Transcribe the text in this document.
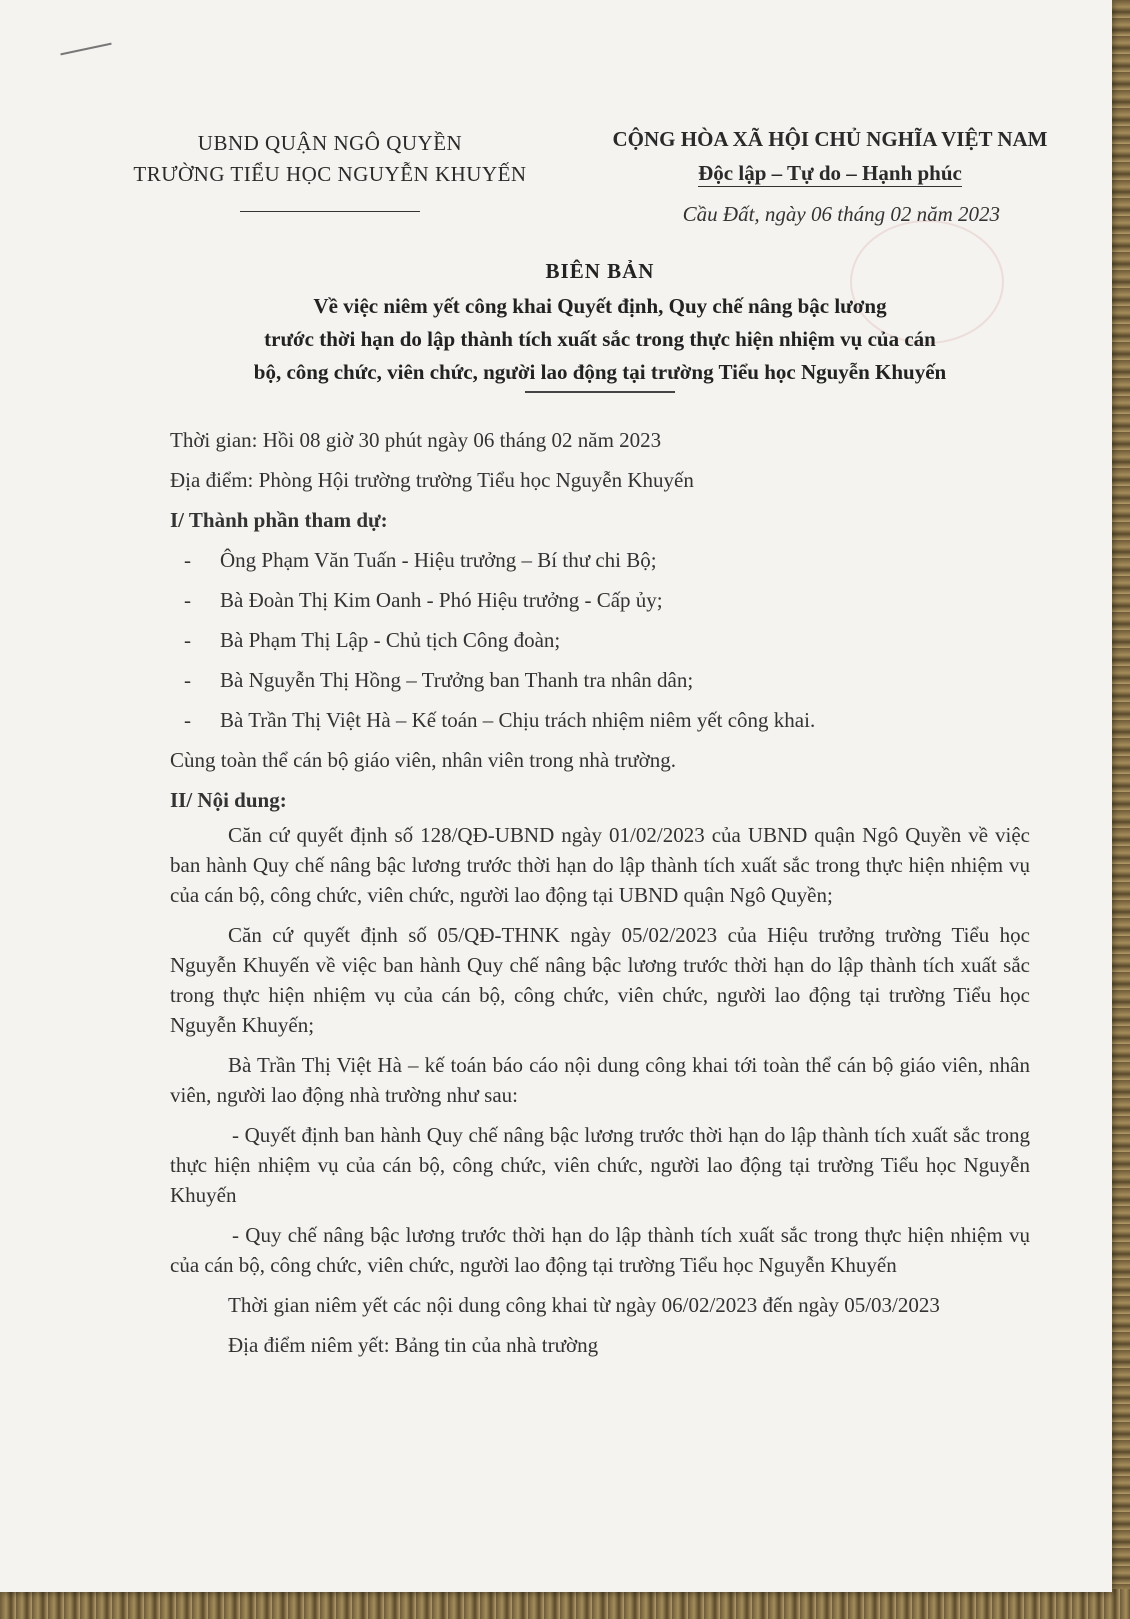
UBND QUẬN NGÔ QUYỀN
TRƯỜNG TIỂU HỌC NGUYỄN KHUYẾN
CỘNG HÒA XÃ HỘI CHỦ NGHĨA VIỆT NAM
Độc lập – Tự do – Hạnh phúc
Cầu Đất, ngày 06 tháng 02 năm 2023
BIÊN BẢN
Về việc niêm yết công khai Quyết định, Quy chế nâng bậc lương
trước thời hạn do lập thành tích xuất sắc trong thực hiện nhiệm vụ của cán
bộ, công chức, viên chức, người lao động tại trường Tiểu học Nguyễn Khuyến
Thời gian: Hồi 08 giờ 30 phút ngày 06 tháng 02 năm 2023
Địa điểm: Phòng Hội trường trường Tiểu học Nguyễn Khuyến
I/ Thành phần tham dự:
- Ông Phạm Văn Tuấn - Hiệu trưởng – Bí thư chi Bộ;
- Bà Đoàn Thị Kim Oanh - Phó Hiệu trưởng - Cấp ủy;
- Bà Phạm Thị Lập - Chủ tịch Công đoàn;
- Bà Nguyễn Thị Hồng – Trưởng ban Thanh tra nhân dân;
- Bà Trần Thị Việt Hà – Kế toán – Chịu trách nhiệm niêm yết công khai.
Cùng toàn thể cán bộ giáo viên, nhân viên trong nhà trường.
II/ Nội dung:

Căn cứ quyết định số 128/QĐ-UBND ngày 01/02/2023 của UBND quận Ngô Quyền về việc ban hành Quy chế nâng bậc lương trước thời hạn do lập thành tích xuất sắc trong thực hiện nhiệm vụ của cán bộ, công chức, viên chức, người lao động tại UBND quận Ngô Quyền;

Căn cứ quyết định số 05/QĐ-THNK ngày 05/02/2023 của Hiệu trưởng trường Tiểu học Nguyễn Khuyến về việc ban hành Quy chế nâng bậc lương trước thời hạn do lập thành tích xuất sắc trong thực hiện nhiệm vụ của cán bộ, công chức, viên chức, người lao động tại trường Tiểu học Nguyễn Khuyến;

Bà Trần Thị Việt Hà – kế toán báo cáo nội dung công khai tới toàn thể cán bộ giáo viên, nhân viên, người lao động nhà trường như sau:

- Quyết định ban hành Quy chế nâng bậc lương trước thời hạn do lập thành tích xuất sắc trong thực hiện nhiệm vụ của cán bộ, công chức, viên chức, người lao động tại trường Tiểu học Nguyễn Khuyến

- Quy chế nâng bậc lương trước thời hạn do lập thành tích xuất sắc trong thực hiện nhiệm vụ của cán bộ, công chức, viên chức, người lao động tại trường Tiểu học Nguyễn Khuyến

Thời gian niêm yết các nội dung công khai từ ngày 06/02/2023 đến ngày 05/03/2023

Địa điểm niêm yết: Bảng tin của nhà trường
